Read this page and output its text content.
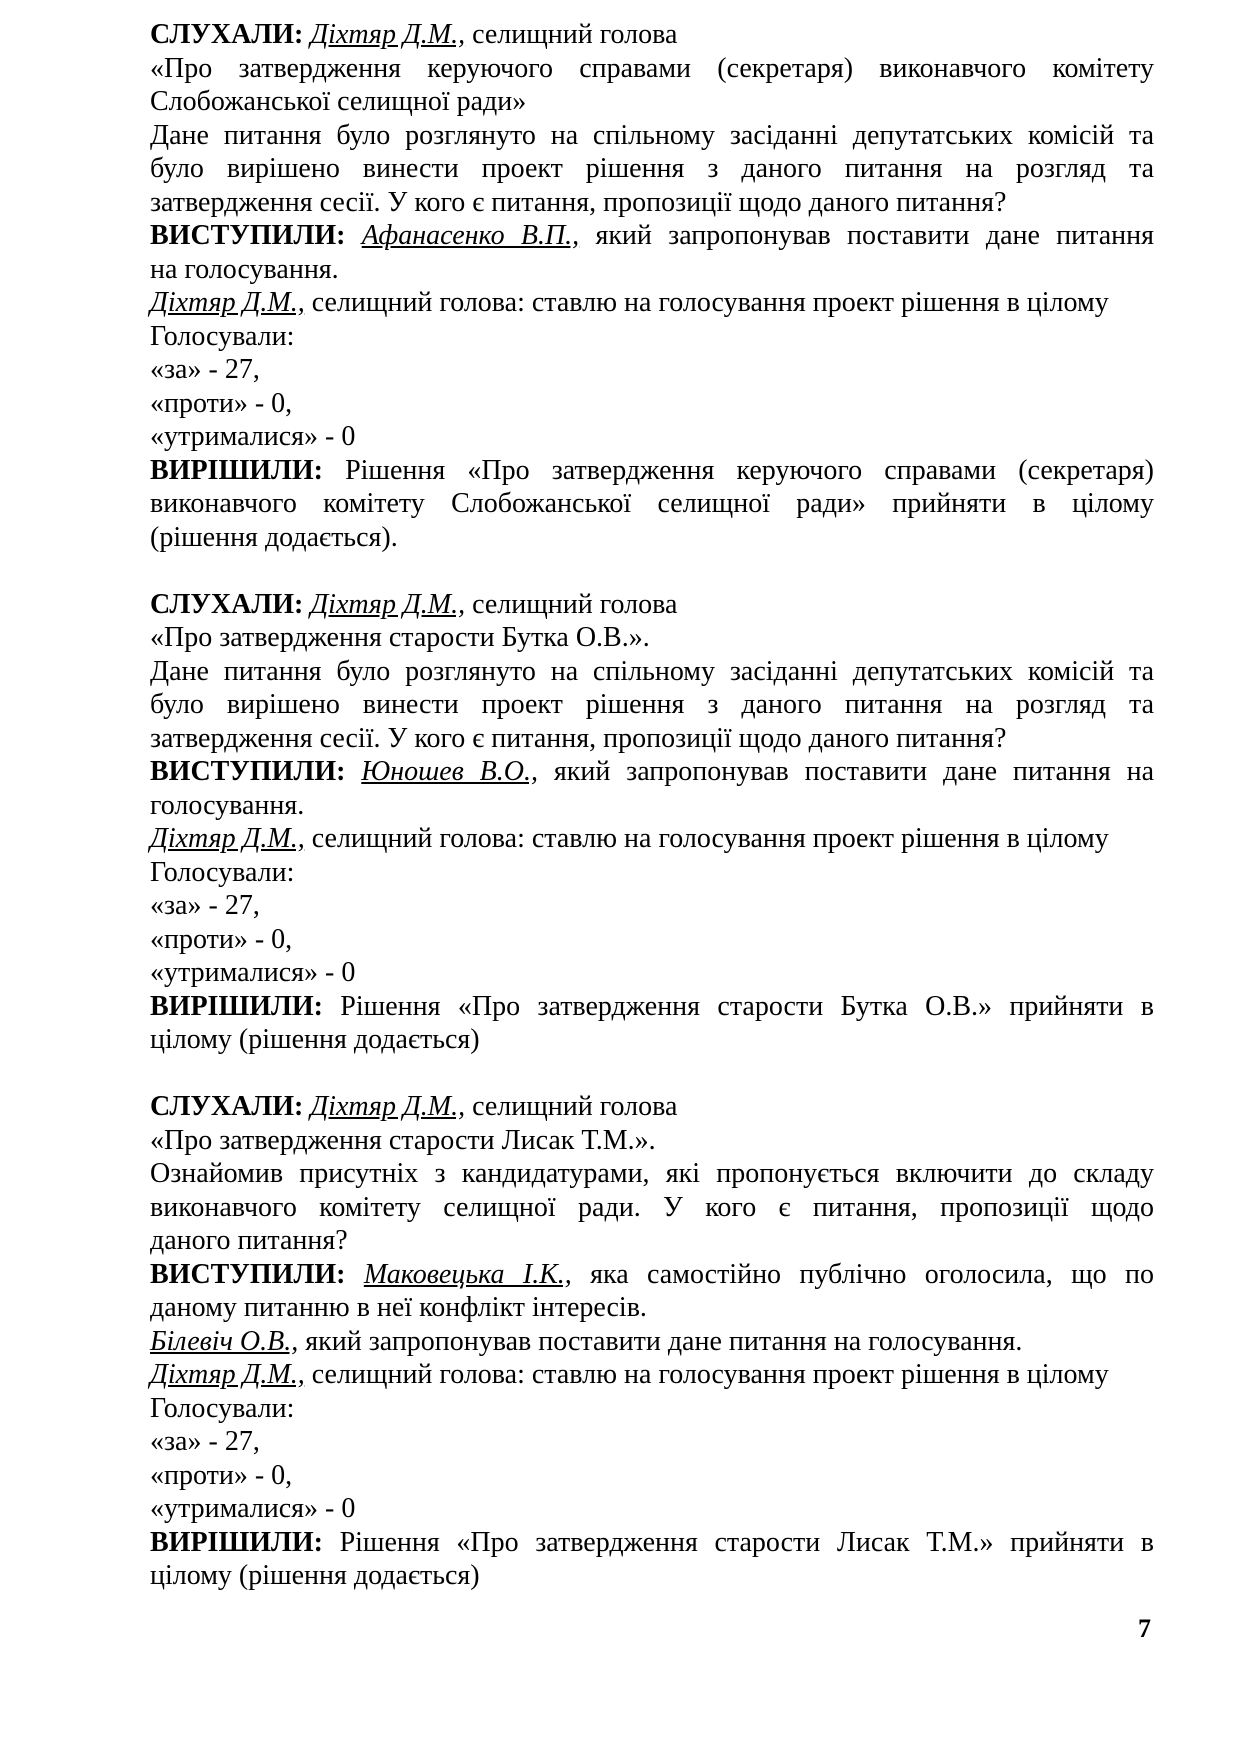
СЛУХАЛИ: Діхтяр Д.М., селищний голова
«Про затвердження керуючого справами (секретаря) виконавчого комітету
Слобожанської селищної ради»
Дане питання було розглянуто на спільному засіданні депутатських комісій та
було вирішено винести проект рішення з даного питання на розгляд та
затвердження сесії. У кого є питання, пропозиції щодо даного питання?
ВИСТУПИЛИ: Афанасенко В.П., який запропонував поставити дане питання
на голосування.
Діхтяр Д.М., селищний голова: ставлю на голосування проект рішення в цілому
Голосували:
«за» - 27,
«проти» - 0,
«утрималися» - 0
ВИРІШИЛИ: Рішення «Про затвердження керуючого справами (секретаря)
виконавчого комітету Слобожанської селищної ради» прийняти в цілому
(рішення додається).
СЛУХАЛИ: Діхтяр Д.М., селищний голова
«Про затвердження старости Бутка О.В.».
Дане питання було розглянуто на спільному засіданні депутатських комісій та
було вирішено винести проект рішення з даного питання на розгляд та
затвердження сесії. У кого є питання, пропозиції щодо даного питання?
ВИСТУПИЛИ: Юношев В.О., який запропонував поставити дане питання на
голосування.
Діхтяр Д.М., селищний голова: ставлю на голосування проект рішення в цілому
Голосували:
«за» - 27,
«проти» - 0,
«утрималися» - 0
ВИРІШИЛИ: Рішення «Про затвердження старости Бутка О.В.» прийняти в
цілому (рішення додається)
СЛУХАЛИ: Діхтяр Д.М., селищний голова
«Про затвердження старости Лисак Т.М.».
Ознайомив присутніх з кандидатурами, які пропонується включити до складу
виконавчого комітету селищної ради. У кого є питання, пропозиції щодо
даного питання?
ВИСТУПИЛИ: Маковецька І.К., яка самостійно публічно оголосила, що по
даному питанню в неї конфлікт інтересів.
Білевіч О.В., який запропонував поставити дане питання на голосування.
Діхтяр Д.М., селищний голова: ставлю на голосування проект рішення в цілому
Голосували:
«за» - 27,
«проти» - 0,
«утрималися» - 0
ВИРІШИЛИ: Рішення «Про затвердження старости Лисак Т.М.» прийняти в
цілому (рішення додається)
7
